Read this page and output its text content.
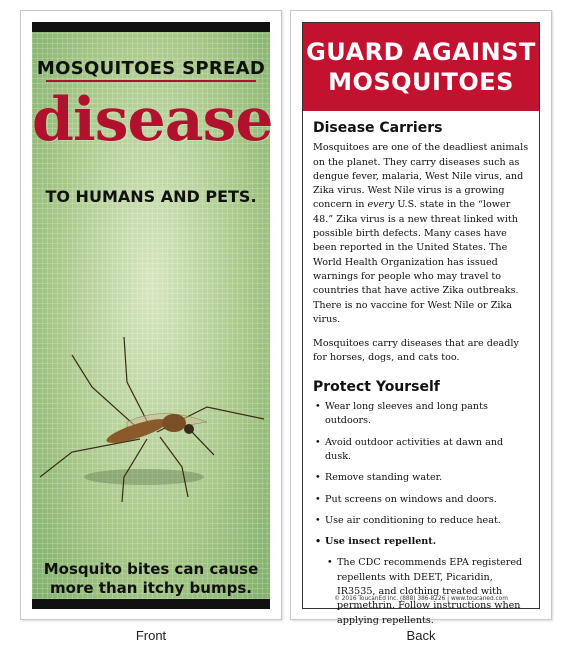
MOSQUITOES SPREAD
disease
TO HUMANS AND PETS.
Mosquito bites can cause
more than itchy bumps.
GUARD AGAINST
MOSQUITOES
Disease Carriers

Mosquitoes are one of the deadliest animals on the planet. They carry diseases such as dengue fever, malaria, West Nile virus, and Zika virus. West Nile virus is a growing concern in every U.S. state in the “lower 48.” Zika virus is a new threat linked with possible birth defects. Many cases have been reported in the United States. The World Health Organization has issued warnings for people who may travel to countries that have active Zika outbreaks. There is no vaccine for West Nile or Zika virus.

Mosquitoes carry diseases that are deadly for horses, dogs, and cats too.

Protect Yourself
• Wear long sleeves and long pants outdoors.
• Avoid outdoor activities at dawn and dusk.
• Remove standing water.
• Put screens on windows and doors.
• Use air conditioning to reduce heat.
• Use insect repellent.
• The CDC recommends EPA registered repellents with DEET, Picaridin, IR3535, and clothing treated with permethrin. Follow instructions when applying repellents.
© 2016 ToucanEd Inc. (888) 386-8226 | www.toucaned.com
Front	Back
